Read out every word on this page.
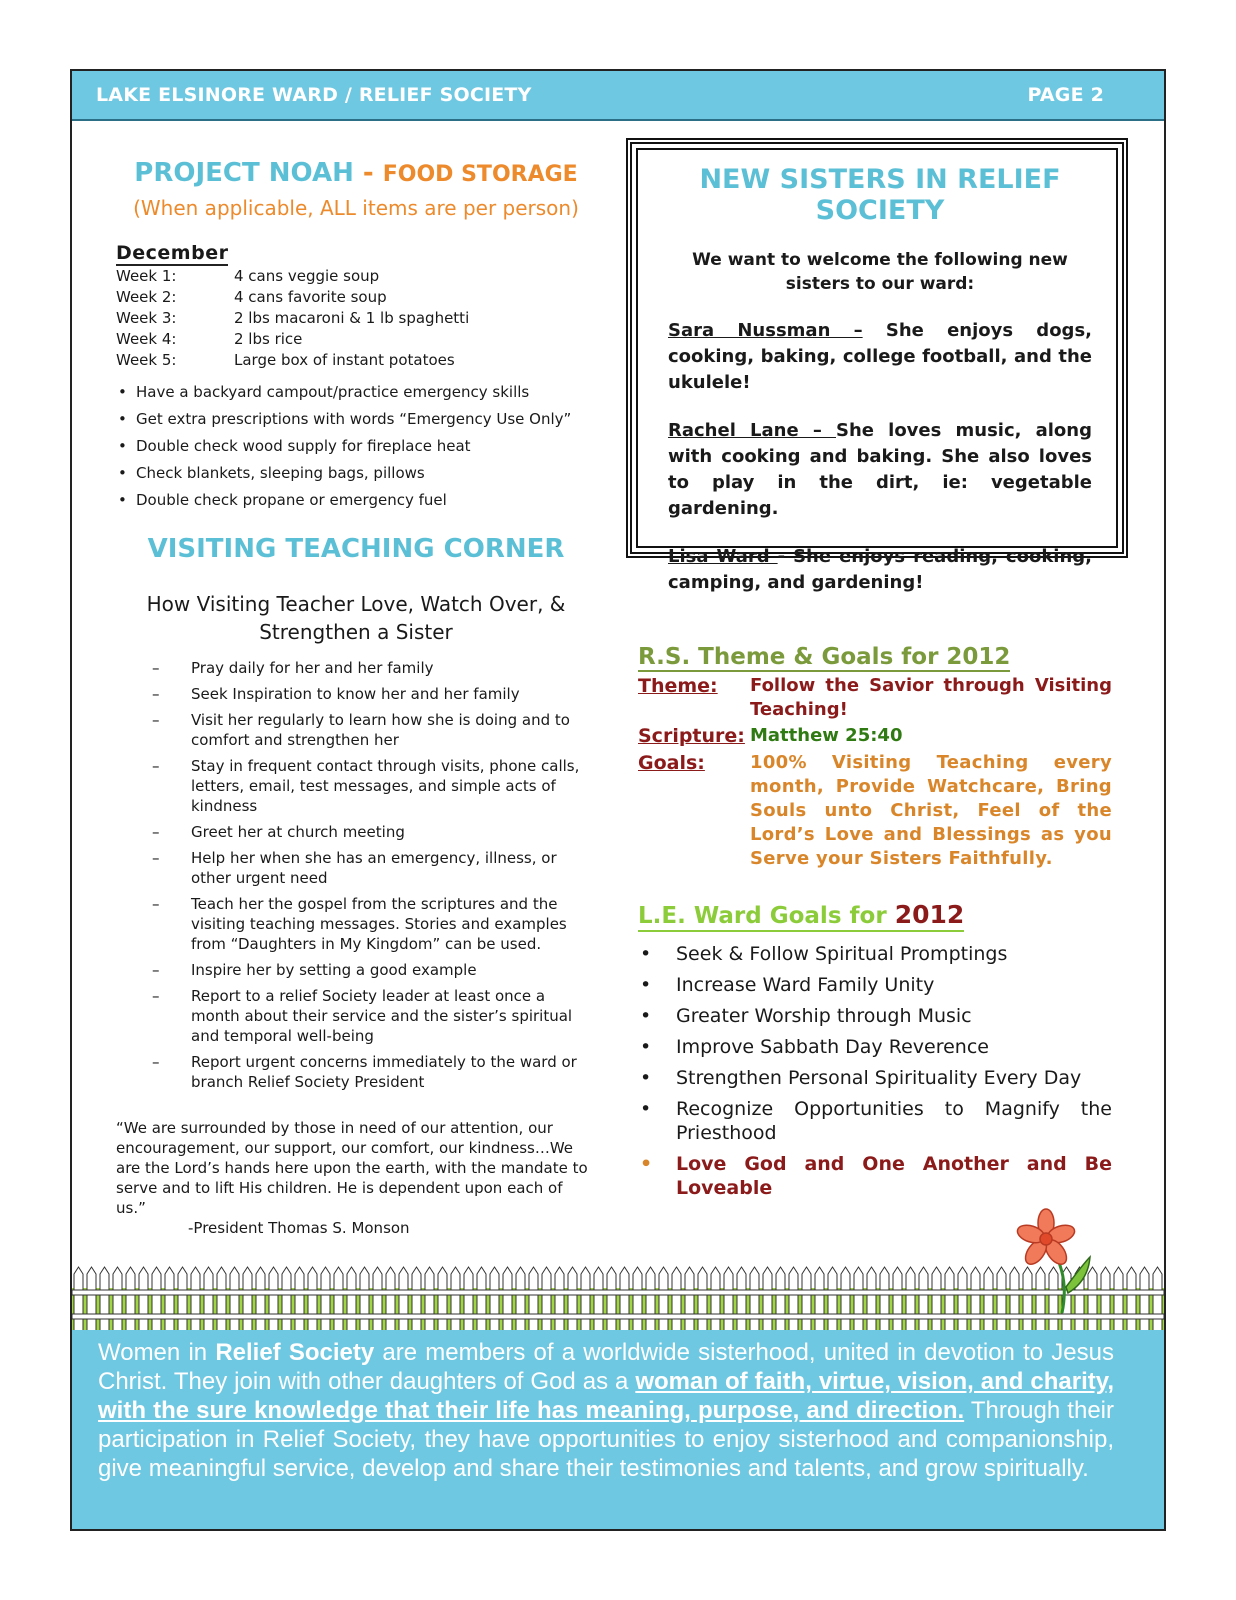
LAKE ELSINORE WARD / RELIEF SOCIETY	PAGE 2
PROJECT NOAH - FOOD STORAGE
(When applicable, ALL items are per person)
December
Week 1:	4 cans veggie soup
Week 2:	4 cans favorite soup
Week 3:	2 lbs macaroni & 1 lb spaghetti
Week 4:	2 lbs rice
Week 5:	Large box of instant potatoes
• Have a backyard campout/practice emergency skills
• Get extra prescriptions with words “Emergency Use Only”
• Double check wood supply for fireplace heat
• Check blankets, sleeping bags, pillows
• Double check propane or emergency fuel
VISITING TEACHING CORNER
How Visiting Teacher Love, Watch Over, & Strengthen a Sister
– Pray daily for her and her family
– Seek Inspiration to know her and her family
– Visit her regularly to learn how she is doing and to comfort and strengthen her
– Stay in frequent contact through visits, phone calls, letters, email, test messages, and simple acts of kindness
– Greet her at church meeting
– Help her when she has an emergency, illness, or other urgent need
– Teach her the gospel from the scriptures and the visiting teaching messages. Stories and examples from “Daughters in My Kingdom” can be used.
– Inspire her by setting a good example
– Report to a relief Society leader at least once a month about their service and the sister’s spiritual and temporal well-being
– Report urgent concerns immediately to the ward or branch Relief Society President
“We are surrounded by those in need of our attention, our encouragement, our support, our comfort, our kindness…We are the Lord’s hands here upon the earth, with the mandate to serve and to lift His children. He is dependent upon each of us.”
-President Thomas S. Monson
NEW SISTERS IN RELIEF SOCIETY
We want to welcome the following new sisters to our ward:
Sara Nussman – She enjoys dogs, cooking, baking, college football, and the ukulele!
Rachel Lane – She loves music, along with cooking and baking. She also loves to play in the dirt, ie: vegetable gardening.
Lisa Ward - She enjoys reading, cooking, camping, and gardening!
R.S. Theme & Goals for 2012
Theme:	Follow the Savior through Visiting Teaching!
Scripture: Matthew 25:40
Goals:	100% Visiting Teaching every month, Provide Watchcare, Bring Souls unto Christ, Feel of the Lord’s Love and Blessings as you Serve your Sisters Faithfully.
L.E. Ward Goals for 2012
• Seek & Follow Spiritual Promptings
• Increase Ward Family Unity
• Greater Worship through Music
• Improve Sabbath Day Reverence
• Strengthen Personal Spirituality Every Day
• Recognize Opportunities to Magnify the Priesthood
• Love God and One Another and Be Loveable

Women in Relief Society are members of a worldwide sisterhood, united in devotion to Jesus Christ. They join with other daughters of God as a woman of faith, virtue, vision, and charity, with the sure knowledge that their life has meaning, purpose, and direction. Through their participation in Relief Society, they have opportunities to enjoy sisterhood and companionship, give meaningful service, develop and share their testimonies and talents, and grow spiritually.
